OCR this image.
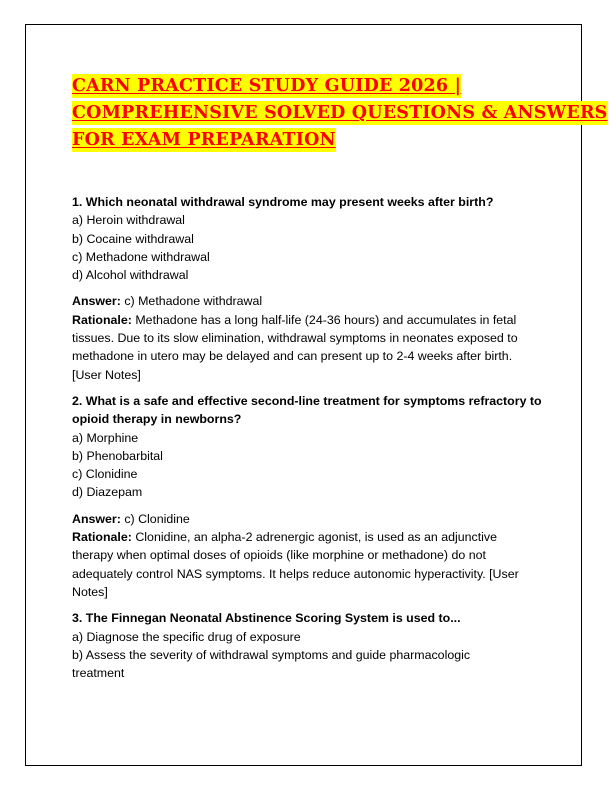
CARN PRACTICE STUDY GUIDE 2026 |
COMPREHENSIVE SOLVED QUESTIONS & ANSWERS
FOR EXAM PREPARATION
1. Which neonatal withdrawal syndrome may present weeks after birth?
a) Heroin withdrawal
b) Cocaine withdrawal
c) Methadone withdrawal
d) Alcohol withdrawal
Answer: c) Methadone withdrawal
Rationale: Methadone has a long half-life (24-36 hours) and accumulates in fetal
tissues. Due to its slow elimination, withdrawal symptoms in neonates exposed to
methadone in utero may be delayed and can present up to 2-4 weeks after birth.
[User Notes]
2. What is a safe and effective second-line treatment for symptoms refractory to
opioid therapy in newborns?
a) Morphine
b) Phenobarbital
c) Clonidine
d) Diazepam
Answer: c) Clonidine
Rationale: Clonidine, an alpha-2 adrenergic agonist, is used as an adjunctive
therapy when optimal doses of opioids (like morphine or methadone) do not
adequately control NAS symptoms. It helps reduce autonomic hyperactivity. [User
Notes]
3. The Finnegan Neonatal Abstinence Scoring System is used to...
a) Diagnose the specific drug of exposure
b) Assess the severity of withdrawal symptoms and guide pharmacologic
treatment
